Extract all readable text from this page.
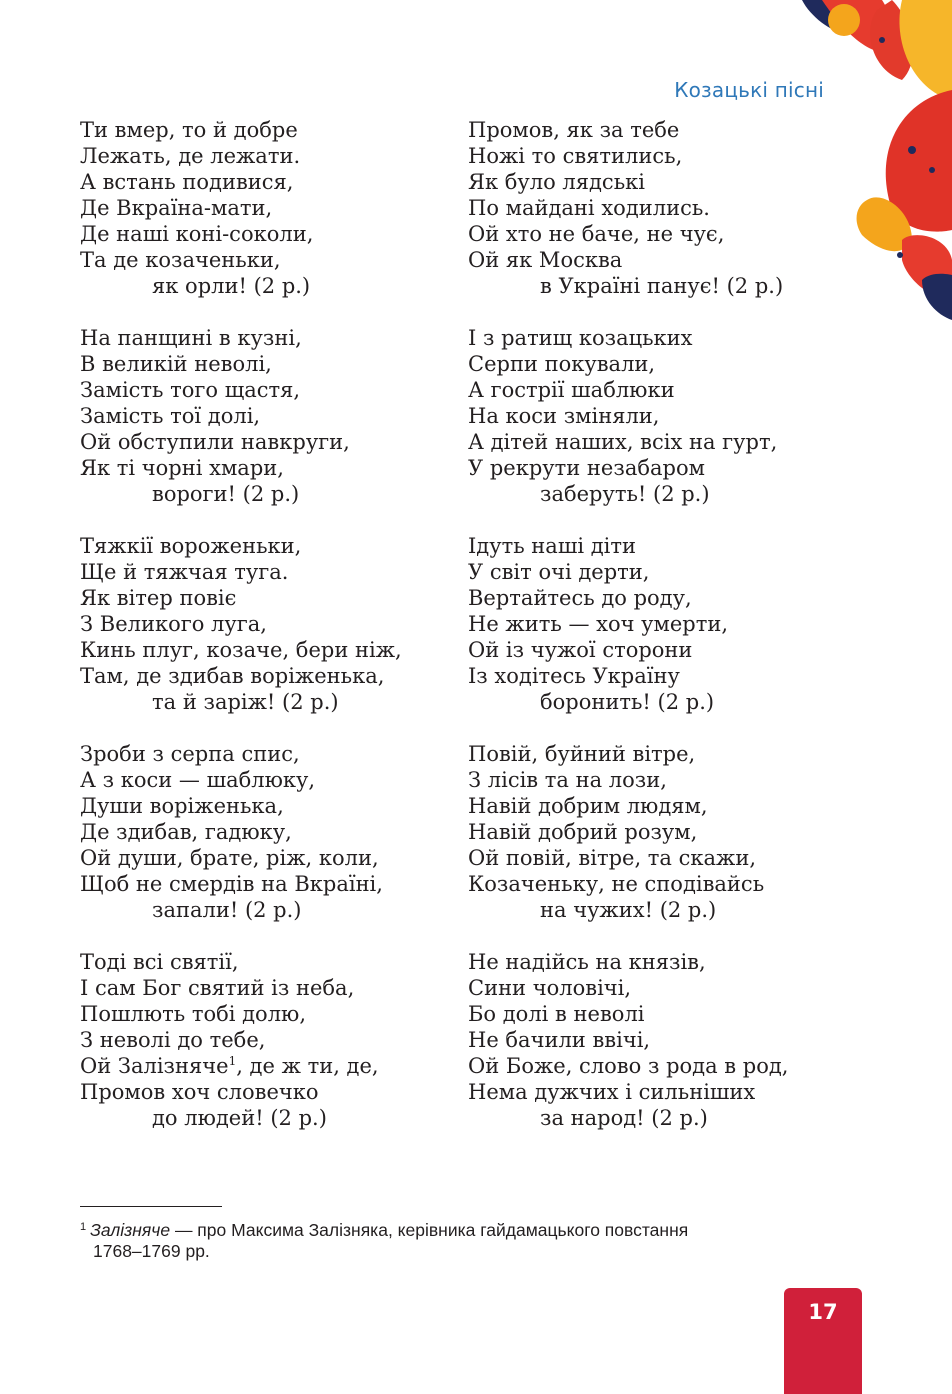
Козацькі пісні
Ти вмер, то й добре
Лежать, де лежати.
А встань подивися,
Де Вкраїна-мати,
Де наші коні-соколи,
Та де козаченьки,
як орли! (2 р.)
На панщині в кузні,
В великій неволі,
Замість того щастя,
Замість тої долі,
Ой обступили навкруги,
Як ті чорні хмари,
вороги! (2 р.)
Тяжкії вороженьки,
Ще й тяжчая туга.
Як вітер повіє
З Великого луга,
Кинь плуг, козаче, бери ніж,
Там, де здибав воріженька,
та й заріж! (2 р.)
Зроби з серпа спис,
А з коси — шаблюку,
Души воріженька,
Де здибав, гадюку,
Ой души, брате, ріж, коли,
Щоб не смердів на Вкраїні,
запали! (2 р.)
Тоді всі святії,
І сам Бог святий із неба,
Пошлють тобі долю,
З неволі до тебе,
Ой Залізняче$^1$, де ж ти, де,
Промов хоч словечко
до людей! (2 р.)
Промов, як за тебе
Ножі то святились,
Як було лядські
По майдані ходились.
Ой хто не баче, не чує,
Ой як Москва
в Україні панує! (2 р.)
І з ратищ козацьких
Серпи покували,
А гострії шаблюки
На коси зміняли,
А дітей наших, всіх на гурт,
У рекрути незабаром
заберуть! (2 р.)
Ідуть наші діти
У світ очі дерти,
Вертайтесь до роду,
Не жить — хоч умерти,
Ой із чужої сторони
Із ходітесь Україну
боронить! (2 р.)
Повій, буйний вітре,
З лісів та на лози,
Навій добрим людям,
Навій добрий розум,
Ой повій, вітре, та скажи,
Козаченьку, не сподівайсь
на чужих! (2 р.)
Не надійсь на князів,
Сини чоловічі,
Бо долі в неволі
Не бачили ввічі,
Ой Боже, слово з рода в род,
Нема дужчих і сильніших
за народ! (2 р.)
$^1$ Залізняче — про Максима Залізняка, керівника гайдамацького повстання
1768–1769 рр.
17
